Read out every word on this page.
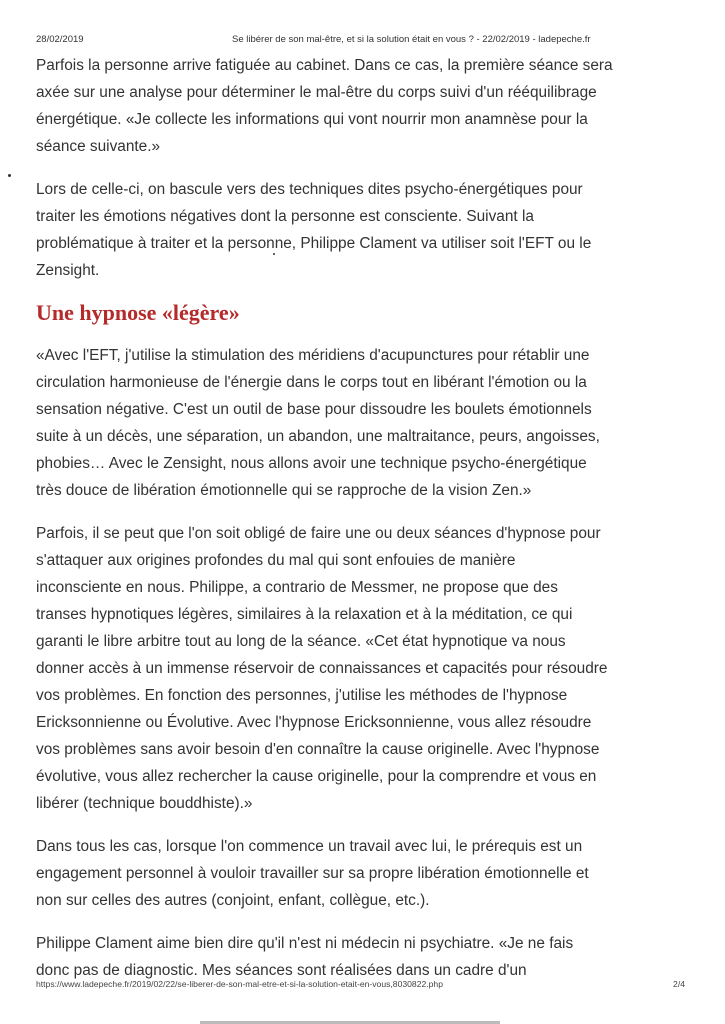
28/02/2019	Se libérer de son mal-être, et si la solution était en vous ? - 22/02/2019 - ladepeche.fr

Parfois la personne arrive fatiguée au cabinet. Dans ce cas, la première séance sera
axée sur une analyse pour déterminer le mal-être du corps suivi d'un rééquilibrage
énergétique. «Je collecte les informations qui vont nourrir mon anamnèse pour la
séance suivante.»

Lors de celle-ci, on bascule vers des techniques dites psycho-énergétiques pour
traiter les émotions négatives dont la personne est consciente. Suivant la
problématique à traiter et la personne, Philippe Clament va utiliser soit l'EFT ou le
Zensight.

Une hypnose «légère»

«Avec l'EFT, j'utilise la stimulation des méridiens d'acupunctures pour rétablir une
circulation harmonieuse de l'énergie dans le corps tout en libérant l'émotion ou la
sensation négative. C'est un outil de base pour dissoudre les boulets émotionnels
suite à un décès, une séparation, un abandon, une maltraitance, peurs, angoisses,
phobies… Avec le Zensight, nous allons avoir une technique psycho-énergétique
très douce de libération émotionnelle qui se rapproche de la vision Zen.»

Parfois, il se peut que l'on soit obligé de faire une ou deux séances d'hypnose pour
s'attaquer aux origines profondes du mal qui sont enfouies de manière
inconsciente en nous. Philippe, a contrario de Messmer, ne propose que des
transes hypnotiques légères, similaires à la relaxation et à la méditation, ce qui
garanti le libre arbitre tout au long de la séance. «Cet état hypnotique va nous
donner accès à un immense réservoir de connaissances et capacités pour résoudre
vos problèmes. En fonction des personnes, j'utilise les méthodes de l'hypnose
Ericksonnienne ou Évolutive. Avec l'hypnose Ericksonnienne, vous allez résoudre
vos problèmes sans avoir besoin d'en connaître la cause originelle. Avec l'hypnose
évolutive, vous allez rechercher la cause originelle, pour la comprendre et vous en
libérer (technique bouddhiste).»

Dans tous les cas, lorsque l'on commence un travail avec lui, le prérequis est un
engagement personnel à vouloir travailler sur sa propre libération émotionnelle et
non sur celles des autres (conjoint, enfant, collègue, etc.).

Philippe Clament aime bien dire qu'il n'est ni médecin ni psychiatre. «Je ne fais
donc pas de diagnostic. Mes séances sont réalisées dans un cadre d'un

https://www.ladepeche.fr/2019/02/22/se-liberer-de-son-mal-etre-et-si-la-solution-etait-en-vous,8030822.php	2/4
